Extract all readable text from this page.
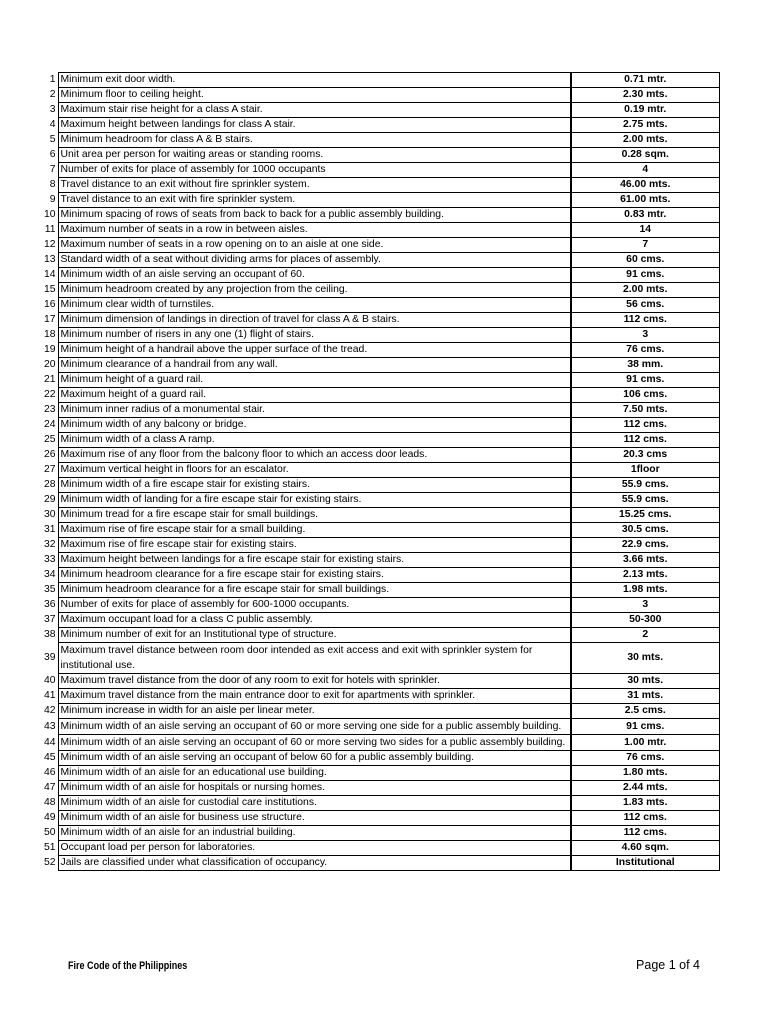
1	Minimum exit door width.	0.71 mtr.
2	Minimum floor to ceiling height.	2.30 mts.
3	Maximum stair rise height for a class A stair.	0.19 mtr.
4	Maximum height between landings for class A stair.	2.75 mts.
5	Minimum headroom for class A & B stairs.	2.00 mts.
6	Unit area per person for waiting areas or standing rooms.	0.28 sqm.
7	Number of exits for place of assembly for 1000 occupants	4
8	Travel distance to an exit without fire sprinkler system.	46.00 mts.
9	Travel distance to an exit with fire sprinkler system.	61.00 mts.
10	Minimum spacing of rows of seats from back to back for a public assembly building.	0.83 mtr.
11	Maximum number of seats in a row in between aisles.	14
12	Maximum number of seats in a row opening on to an aisle at one side.	7
13	Standard width of a seat without dividing arms for places of assembly.	60 cms.
14	Minimum width of an aisle serving an occupant of 60.	91 cms.
15	Minimum headroom created by any projection from the ceiling.	2.00 mts.
16	Minimum clear width of turnstiles.	56 cms.
17	Minimum dimension of landings in direction of travel for class A & B stairs.	112 cms.
18	Minimum number of risers in any one (1) flight of stairs.	3
19	Minimum height of a handrail above the upper surface of the tread.	76 cms.
20	Minimum clearance of a handrail from any wall.	38 mm.
21	Minimum height of a guard rail.	91 cms.
22	Maximum height of a guard rail.	106 cms.
23	Minimum inner radius of a monumental stair.	7.50 mts.
24	Minimum width of any balcony or bridge.	112 cms.
25	Minimum width of a class A ramp.	112 cms.
26	Maximum rise of any floor from the balcony floor to which an access door leads.	20.3 cms
27	Maximum vertical height in floors for an escalator.	1floor
28	Minimum width of a fire escape stair for existing stairs.	55.9 cms.
29	Minimum width of landing for a fire escape stair for existing stairs.	55.9 cms.
30	Minimum tread for a fire escape stair for small buildings.	15.25 cms.
31	Maximum rise of fire escape stair for a small building.	30.5 cms.
32	Maximum rise of fire escape stair for existing stairs.	22.9 cms.
33	Maximum height between landings for a fire escape stair for existing stairs.	3.66 mts.
34	Minimum headroom clearance for a fire escape stair for existing stairs.	2.13 mts.
35	Minimum headroom clearance for a fire escape stair for small buildings.	1.98 mts.
36	Number of exits for place of assembly for 600-1000 occupants.	3
37	Maximum occupant load for a class C public assembly.	50-300
38	Minimum number of exit for an Institutional type of structure.	2
39	Maximum travel distance between room door intended as exit access and exit with sprinkler system for institutional use.	30 mts.
40	Maximum travel distance from the door of any room to exit for hotels with sprinkler.	30 mts.
41	Maximum travel distance from the main entrance door to exit for apartments with sprinkler.	31 mts.
42	Minimum increase in width for an aisle per linear meter.	2.5 cms.
43	Minimum width of an aisle serving an occupant of 60 or more serving one side for a public assembly building.	91 cms.
44	Minimum width of an aisle serving an occupant of 60 or more serving two sides for a public assembly building.	1.00 mtr.
45	Minimum width of an aisle serving an occupant of below 60 for a public assembly building.	76 cms.
46	Minimum width of an aisle for an educational use building.	1.80 mts.
47	Minimum width of an aisle for hospitals or nursing homes.	2.44 mts.
48	Minimum width of an aisle for custodial care institutions.	1.83 mts.
49	Minimum width of an aisle for business use structure.	112 cms.
50	Minimum width of an aisle for an industrial building.	112 cms.
51	Occupant load per person for laboratories.	4.60 sqm.
52	Jails are classified under what classification of occupancy.	Institutional
Fire Code of the Philippines	Page 1 of 4
